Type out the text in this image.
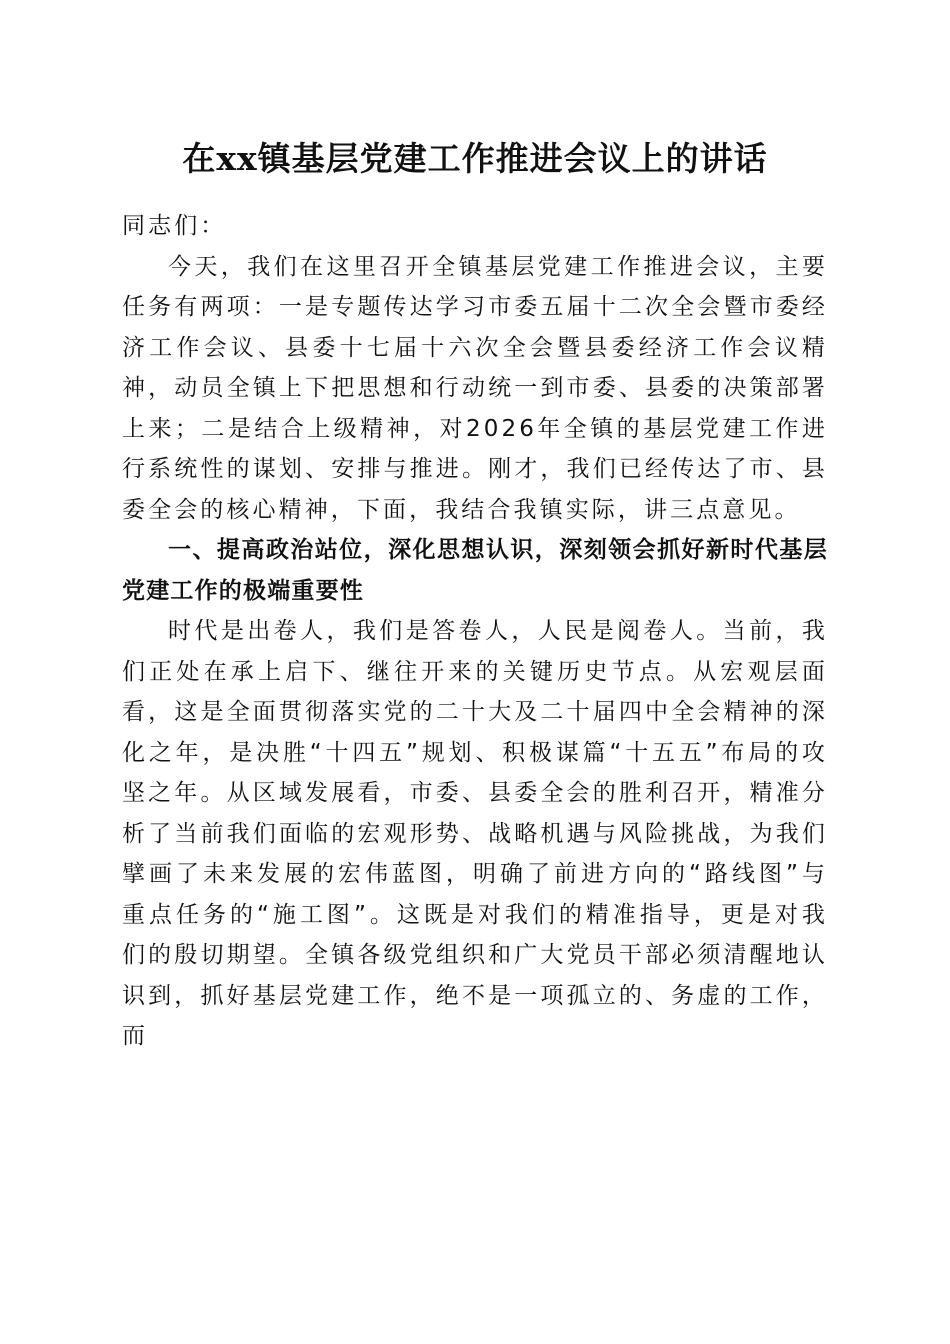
在xx镇基层党建工作推进会议上的讲话

同志们：

今天，我们在这里召开全镇基层党建工作推进会议，主要任务有两项：一是专题传达学习市委五届十二次全会暨市委经济工作会议、县委十七届十六次全会暨县委经济工作会议精神，动员全镇上下把思想和行动统一到市委、县委的决策部署上来；二是结合上级精神，对2026年全镇的基层党建工作进行系统性的谋划、安排与推进。刚才，我们已经传达了市、县委全会的核心精神，下面，我结合我镇实际，讲三点意见。

一、提高政治站位，深化思想认识，深刻领会抓好新时代基层党建工作的极端重要性

时代是出卷人，我们是答卷人，人民是阅卷人。当前，我们正处在承上启下、继往开来的关键历史节点。从宏观层面看，这是全面贯彻落实党的二十大及二十届四中全会精神的深化之年，是决胜“十四五”规划、积极谋篇“十五五”布局的攻坚之年。从区域发展看，市委、县委全会的胜利召开，精准分析了当前我们面临的宏观形势、战略机遇与风险挑战，为我们擘画了未来发展的宏伟蓝图，明确了前进方向的“路线图”与重点任务的“施工图”。这既是对我们的精准指导，更是对我们的殷切期望。全镇各级党组织和广大党员干部必须清醒地认识到，抓好基层党建工作，绝不是一项孤立的、务虚的工作，而
